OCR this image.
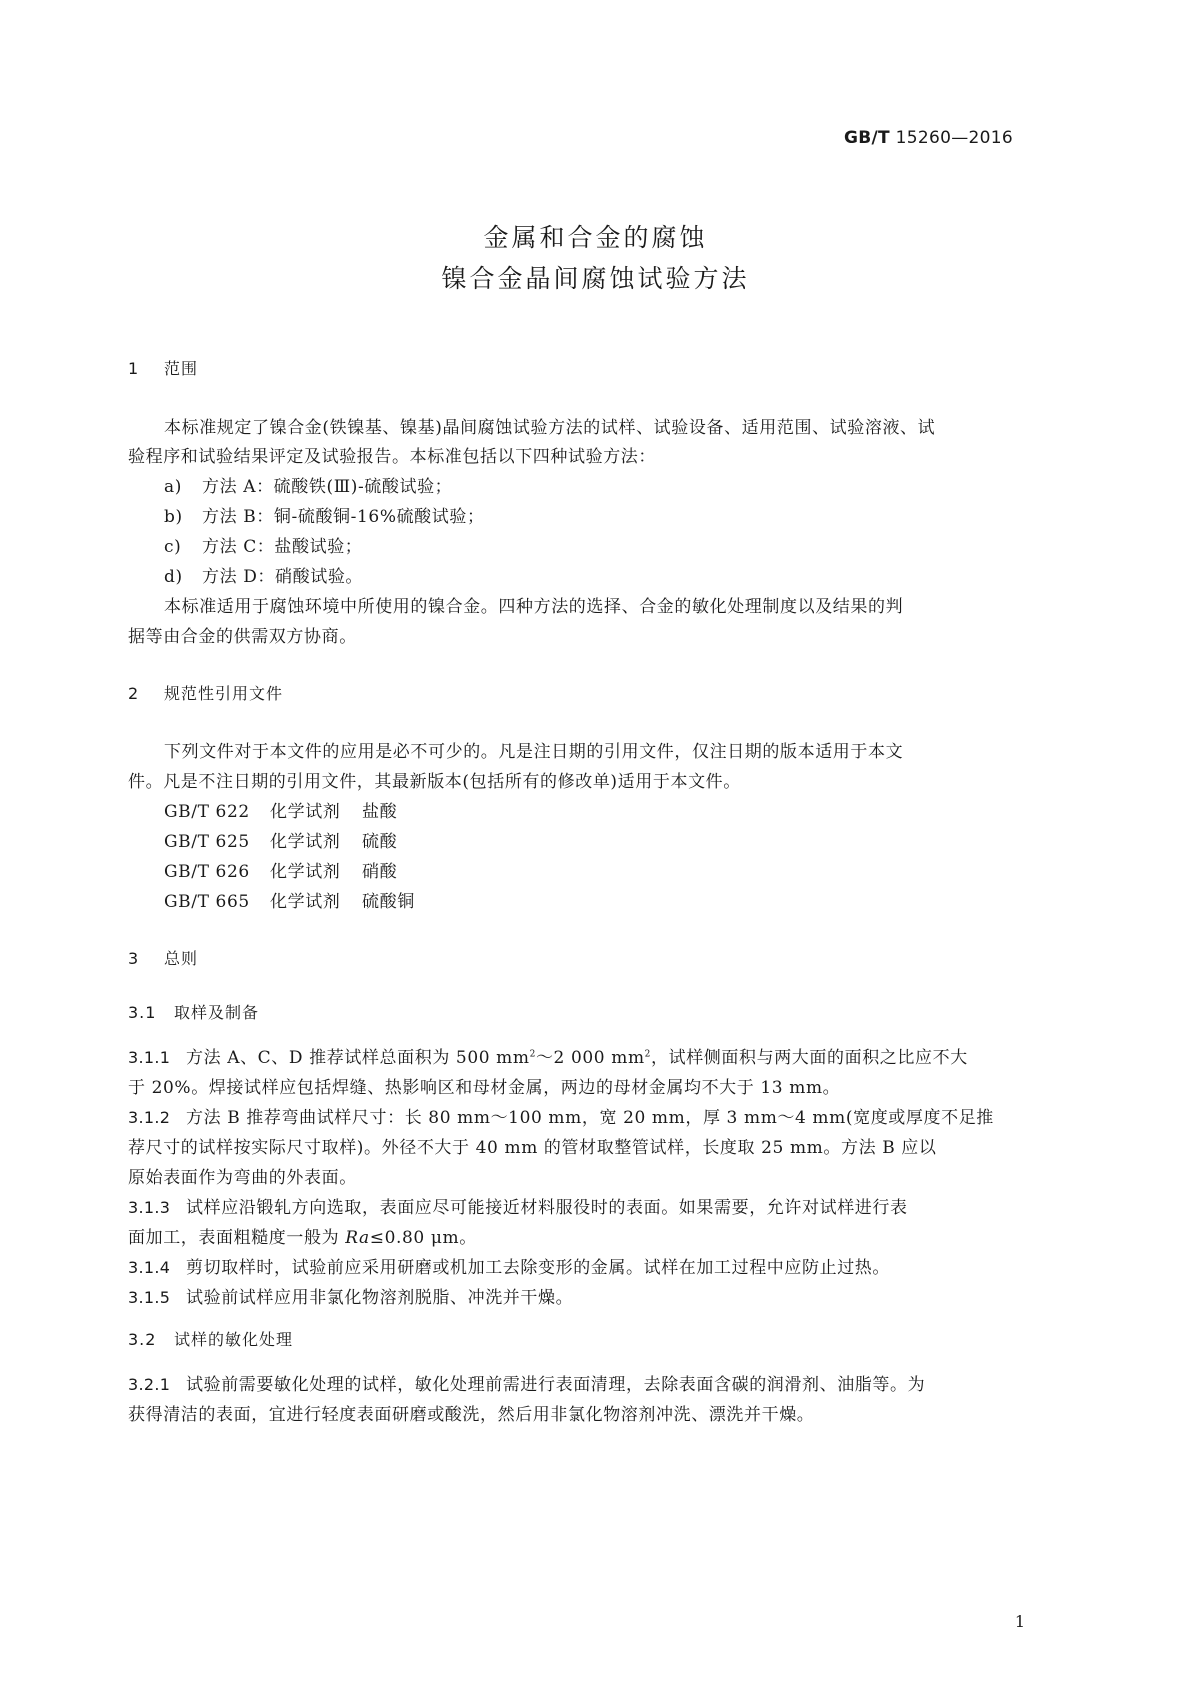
GB/T 15260—2016
金属和合金的腐蚀
镍合金晶间腐蚀试验方法
1 范围
本标准规定了镍合金(铁镍基、镍基)晶间腐蚀试验方法的试样、试验设备、适用范围、试验溶液、试
验程序和试验结果评定及试验报告。本标准包括以下四种试验方法：
a) 方法 A：硫酸铁(Ⅲ)-硫酸试验；
b) 方法 B：铜-硫酸铜-16%硫酸试验；
c) 方法 C：盐酸试验；
d) 方法 D：硝酸试验。
本标准适用于腐蚀环境中所使用的镍合金。四种方法的选择、合金的敏化处理制度以及结果的判
据等由合金的供需双方协商。
2 规范性引用文件
下列文件对于本文件的应用是必不可少的。凡是注日期的引用文件，仅注日期的版本适用于本文
件。凡是不注日期的引用文件，其最新版本(包括所有的修改单)适用于本文件。
GB/T 622 化学试剂 盐酸
GB/T 625 化学试剂 硫酸
GB/T 626 化学试剂 硝酸
GB/T 665 化学试剂 硫酸铜
3 总则
3.1 取样及制备
3.1.1 方法 A、C、D 推荐试样总面积为 500 $mm^2\sim 2$ 000 $mm^2$，试样侧面积与两大面的面积之比应不大
于 20%。焊接试样应包括焊缝、热影响区和母材金属，两边的母材金属均不大于 13 mm。
3.1.2 方法 B 推荐弯曲试样尺寸：长 80 mm～100 mm，宽 20 mm，厚 3 mm～4 mm(宽度或厚度不足推
荐尺寸的试样按实际尺寸取样)。外径不大于 40 mm 的管材取整管试样，长度取 25 mm。方法 B 应以
原始表面作为弯曲的外表面。
3.1.3 试样应沿锻轧方向选取，表面应尽可能接近材料服役时的表面。如果需要，允许对试样进行表
面加工，表面粗糙度一般为 Ra≤0.80 μm。
3.1.4 剪切取样时，试验前应采用研磨或机加工去除变形的金属。试样在加工过程中应防止过热。
3.1.5 试验前试样应用非氯化物溶剂脱脂、冲洗并干燥。
3.2 试样的敏化处理
3.2.1 试验前需要敏化处理的试样，敏化处理前需进行表面清理，去除表面含碳的润滑剂、油脂等。为
获得清洁的表面，宜进行轻度表面研磨或酸洗，然后用非氯化物溶剂冲洗、漂洗并干燥。
1
